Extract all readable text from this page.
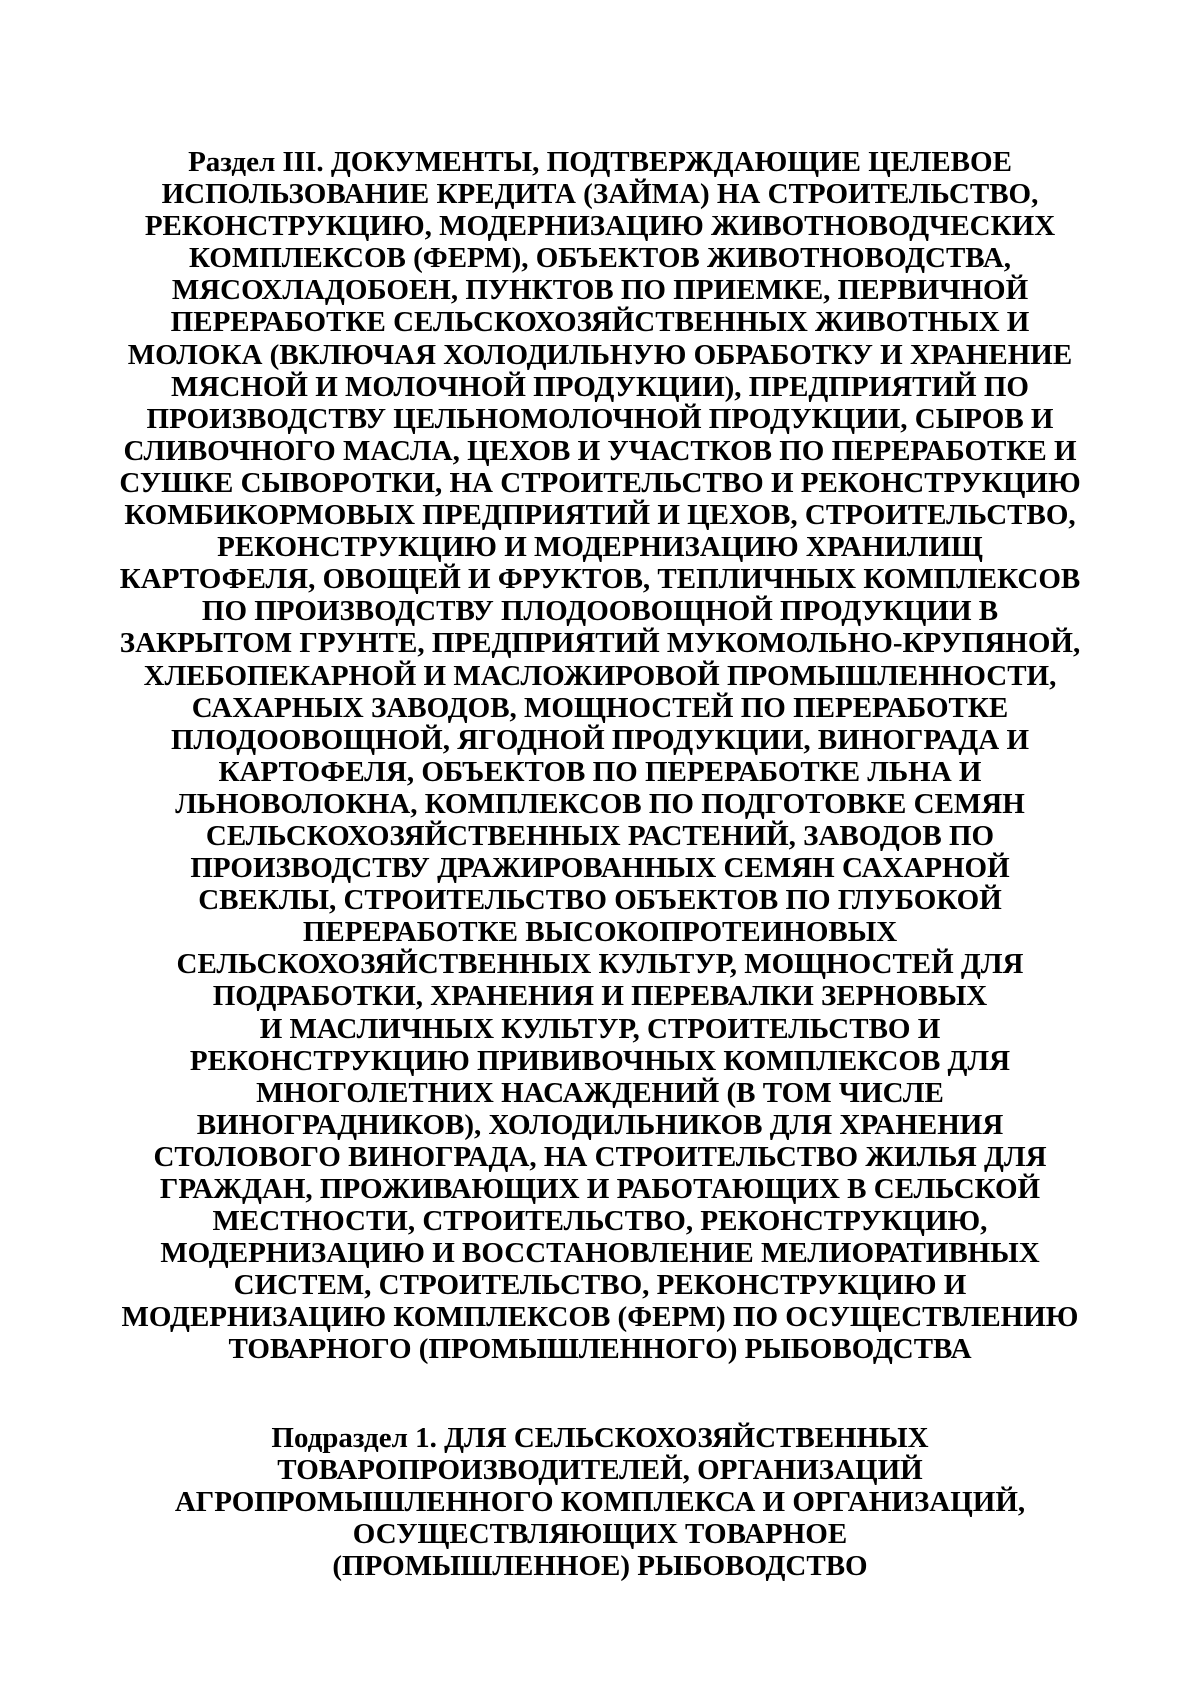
Раздел III. ДОКУМЕНТЫ, ПОДТВЕРЖДАЮЩИЕ ЦЕЛЕВОЕ
ИСПОЛЬЗОВАНИЕ КРЕДИТА (ЗАЙМА) НА СТРОИТЕЛЬСТВО,
РЕКОНСТРУКЦИЮ, МОДЕРНИЗАЦИЮ ЖИВОТНОВОДЧЕСКИХ
КОМПЛЕКСОВ (ФЕРМ), ОБЪЕКТОВ ЖИВОТНОВОДСТВА,
МЯСОХЛАДОБОЕН, ПУНКТОВ ПО ПРИЕМКЕ, ПЕРВИЧНОЙ
ПЕРЕРАБОТКЕ СЕЛЬСКОХОЗЯЙСТВЕННЫХ ЖИВОТНЫХ И
МОЛОКА (ВКЛЮЧАЯ ХОЛОДИЛЬНУЮ ОБРАБОТКУ И ХРАНЕНИЕ
МЯСНОЙ И МОЛОЧНОЙ ПРОДУКЦИИ), ПРЕДПРИЯТИЙ ПО
ПРОИЗВОДСТВУ ЦЕЛЬНОМОЛОЧНОЙ ПРОДУКЦИИ, СЫРОВ И
СЛИВОЧНОГО МАСЛА, ЦЕХОВ И УЧАСТКОВ ПО ПЕРЕРАБОТКЕ И
СУШКЕ СЫВОРОТКИ, НА СТРОИТЕЛЬСТВО И РЕКОНСТРУКЦИЮ
КОМБИКОРМОВЫХ ПРЕДПРИЯТИЙ И ЦЕХОВ, СТРОИТЕЛЬСТВО,
РЕКОНСТРУКЦИЮ И МОДЕРНИЗАЦИЮ ХРАНИЛИЩ
КАРТОФЕЛЯ, ОВОЩЕЙ И ФРУКТОВ, ТЕПЛИЧНЫХ КОМПЛЕКСОВ
ПО ПРОИЗВОДСТВУ ПЛОДООВОЩНОЙ ПРОДУКЦИИ В
ЗАКРЫТОМ ГРУНТЕ, ПРЕДПРИЯТИЙ МУКОМОЛЬНО-КРУПЯНОЙ,
ХЛЕБОПЕКАРНОЙ И МАСЛОЖИРОВОЙ ПРОМЫШЛЕННОСТИ,
САХАРНЫХ ЗАВОДОВ, МОЩНОСТЕЙ ПО ПЕРЕРАБОТКЕ
ПЛОДООВОЩНОЙ, ЯГОДНОЙ ПРОДУКЦИИ, ВИНОГРАДА И
КАРТОФЕЛЯ, ОБЪЕКТОВ ПО ПЕРЕРАБОТКЕ ЛЬНА И
ЛЬНОВОЛОКНА, КОМПЛЕКСОВ ПО ПОДГОТОВКЕ СЕМЯН
СЕЛЬСКОХОЗЯЙСТВЕННЫХ РАСТЕНИЙ, ЗАВОДОВ ПО
ПРОИЗВОДСТВУ ДРАЖИРОВАННЫХ СЕМЯН САХАРНОЙ
СВЕКЛЫ, СТРОИТЕЛЬСТВО ОБЪЕКТОВ ПО ГЛУБОКОЙ
ПЕРЕРАБОТКЕ ВЫСОКОПРОТЕИНОВЫХ
СЕЛЬСКОХОЗЯЙСТВЕННЫХ КУЛЬТУР, МОЩНОСТЕЙ ДЛЯ
ПОДРАБОТКИ, ХРАНЕНИЯ И ПЕРЕВАЛКИ ЗЕРНОВЫХ
И МАСЛИЧНЫХ КУЛЬТУР, СТРОИТЕЛЬСТВО И
РЕКОНСТРУКЦИЮ ПРИВИВОЧНЫХ КОМПЛЕКСОВ ДЛЯ
МНОГОЛЕТНИХ НАСАЖДЕНИЙ (В ТОМ ЧИСЛЕ
ВИНОГРАДНИКОВ), ХОЛОДИЛЬНИКОВ ДЛЯ ХРАНЕНИЯ
СТОЛОВОГО ВИНОГРАДА, НА СТРОИТЕЛЬСТВО ЖИЛЬЯ ДЛЯ
ГРАЖДАН, ПРОЖИВАЮЩИХ И РАБОТАЮЩИХ В СЕЛЬСКОЙ
МЕСТНОСТИ, СТРОИТЕЛЬСТВО, РЕКОНСТРУКЦИЮ,
МОДЕРНИЗАЦИЮ И ВОССТАНОВЛЕНИЕ МЕЛИОРАТИВНЫХ
СИСТЕМ, СТРОИТЕЛЬСТВО, РЕКОНСТРУКЦИЮ И
МОДЕРНИЗАЦИЮ КОМПЛЕКСОВ (ФЕРМ) ПО ОСУЩЕСТВЛЕНИЮ
ТОВАРНОГО (ПРОМЫШЛЕННОГО) РЫБОВОДСТВА
Подраздел 1. ДЛЯ СЕЛЬСКОХОЗЯЙСТВЕННЫХ
ТОВАРОПРОИЗВОДИТЕЛЕЙ, ОРГАНИЗАЦИЙ
АГРОПРОМЫШЛЕННОГО КОМПЛЕКСА И ОРГАНИЗАЦИЙ,
ОСУЩЕСТВЛЯЮЩИХ ТОВАРНОЕ
(ПРОМЫШЛЕННОЕ) РЫБОВОДСТВО
